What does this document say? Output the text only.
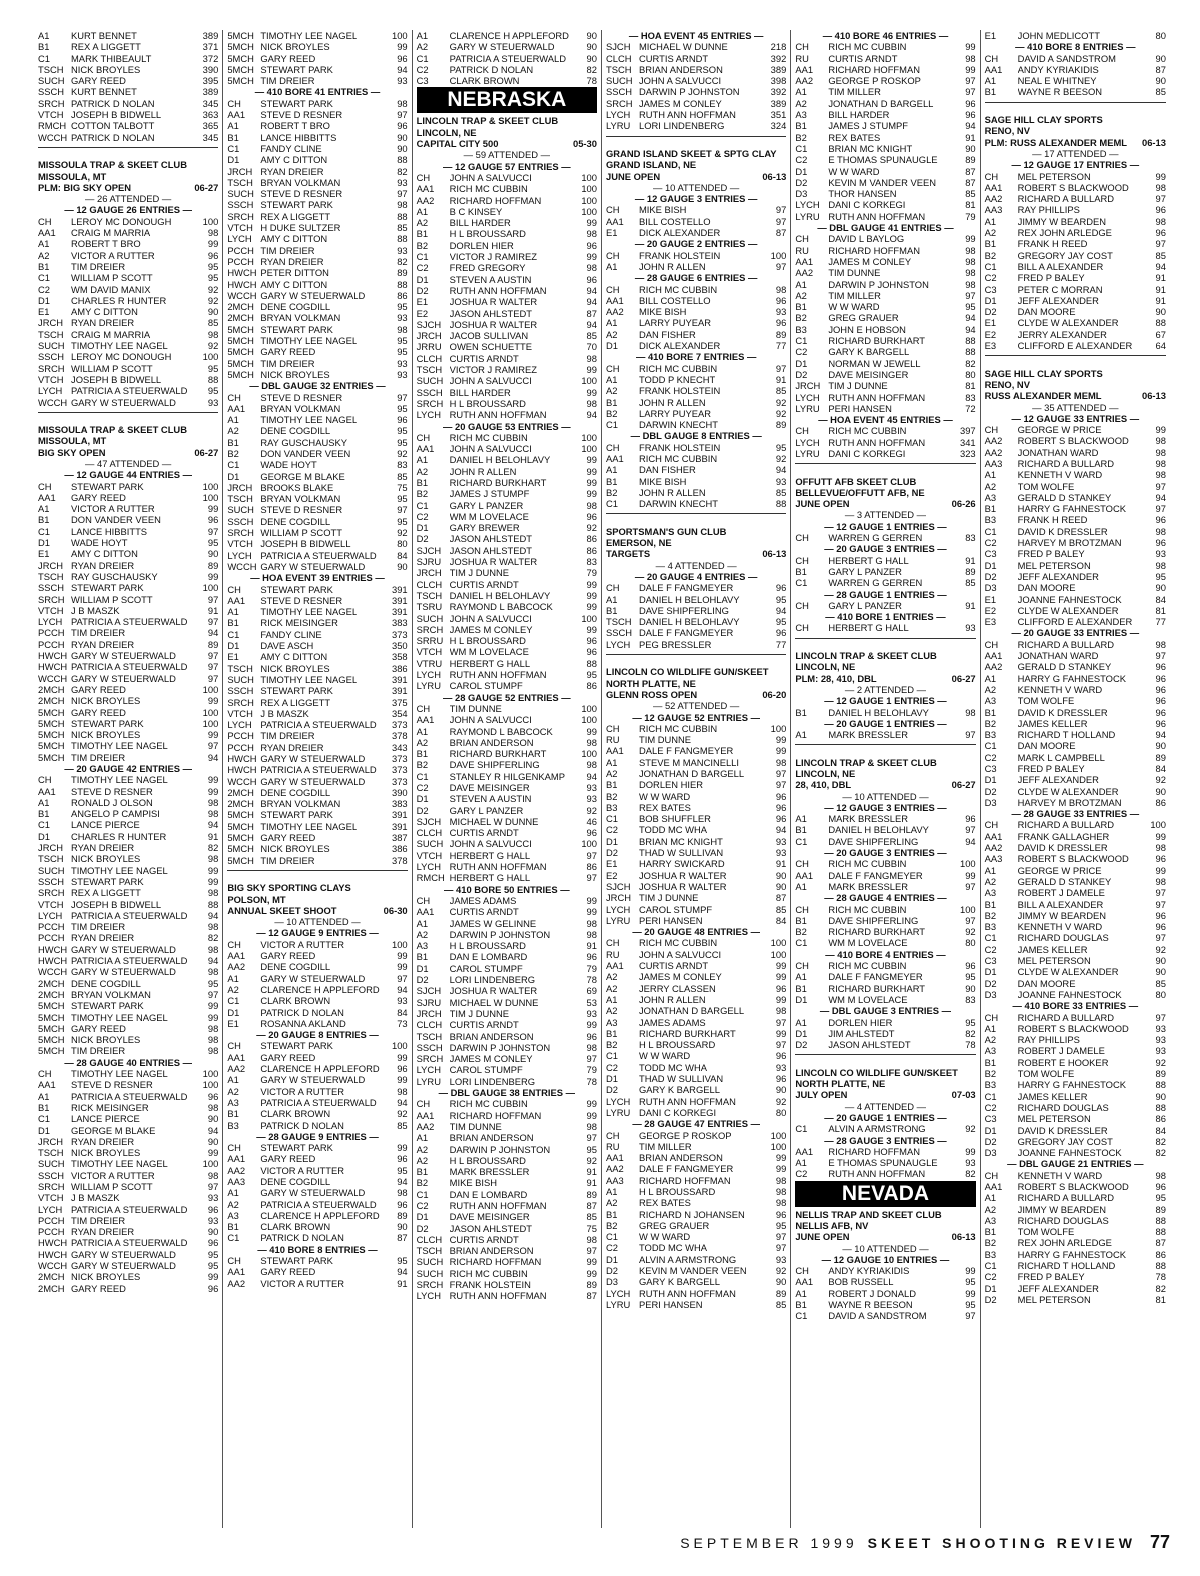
A1	KURT BENNET	389
B1	REX A LIGGETT	371
C1	MARK THIBEAULT	372
TSCH NICK BROYLES	390
SUCH GARY REED	395
SSCH KURT BENNET	389
SRCH PATRICK D NOLAN	345
VTCH JOSEPH B BIDWELL	363
RMCH COTTON TALBOTT	365
WCCH PATRICK D NOLAN	345
MISSOULA TRAP & SKEET CLUB
MISSOULA, MT
PLM: BIG SKY OPEN	06-27
— 26 ATTENDED —
— 12 GAUGE 26 ENTRIES —
CH	LEROY MC DONOUGH	100
AA1	CRAIG M MARRIA	98
A1	ROBERT T BRO	99
A2	VICTOR A RUTTER	96
B1	TIM DREIER	95
C1	WILLIAM P SCOTT	95
C2	WM DAVID MANIX	92
D1	CHARLES R HUNTER	92
E1	AMY C DITTON	90
JRCH RYAN DREIER	85
TSCH CRAIG M MARRIA	98
SUCH TIMOTHY LEE NAGEL	92
SSCH LEROY MC DONOUGH	100
SRCH WILLIAM P SCOTT	95
VTCH JOSEPH B BIDWELL	88
LYCH PATRICIA A STEUERWALD	95
WCCH GARY W STEUERWALD	93
MISSOULA TRAP & SKEET CLUB
MISSOULA, MT
BIG SKY OPEN	06-27
— 47 ATTENDED —
— 12 GAUGE 44 ENTRIES —
CH	STEWART PARK	100
AA1	GARY REED	100
A1	VICTOR A RUTTER	99
B1	DON VANDER VEEN	96
C1	LANCE HIBBITTS	97
D1	WADE HOYT	95
E1	AMY C DITTON	90
JRCH RYAN DREIER	89
TSCH RAY GUSCHAUSKY	99
SSCH STEWART PARK	100
SRCH WILLIAM P SCOTT	97
VTCH J B MASZK	91
LYCH PATRICIA A STEUERWALD	97
PCCH TIM DREIER	94
PCCH RYAN DREIER	89
HWCH GARY W STEUERWALD	97
HWCH PATRICIA A STEUERWALD	97
WCCH GARY W STEUERWALD	97
2MCH GARY REED	100
2MCH NICK BROYLES	99
5MCH GARY REED	100
5MCH STEWART PARK	100
5MCH NICK BROYLES	99
5MCH TIMOTHY LEE NAGEL	97
5MCH TIM DREIER	94
— 20 GAUGE 42 ENTRIES —
CH	TIMOTHY LEE NAGEL	99
AA1	STEVE D RESNER	99
A1	RONALD J OLSON	98
B1	ANGELO P CAMPISI	98
C1	LANCE PIERCE	94
D1	CHARLES R HUNTER	91
JRCH RYAN DREIER	82
TSCH NICK BROYLES	98
SUCH TIMOTHY LEE NAGEL	99
SSCH STEWART PARK	99
SRCH REX A LIGGETT	98
VTCH JOSEPH B BIDWELL	88
LYCH PATRICIA A STEUERWALD	94
PCCH TIM DREIER	98
PCCH RYAN DREIER	82
HWCH GARY W STEUERWALD	98
HWCH PATRICIA A STEUERWALD	94
WCCH GARY W STEUERWALD	98
2MCH DENE COGDILL	95
2MCH BRYAN VOLKMAN	97
5MCH STEWART PARK	99
5MCH TIMOTHY LEE NAGEL	99
5MCH GARY REED	98
5MCH NICK BROYLES	98
5MCH TIM DREIER	98
— 28 GAUGE 40 ENTRIES —
CH	TIMOTHY LEE NAGEL	100
AA1	STEVE D RESNER	100
A1	PATRICIA A STEUERWALD	96
B1	RICK MEISINGER	98
C1	LANCE PIERCE	90
D1	GEORGE M BLAKE	94
JRCH RYAN DREIER	90
TSCH NICK BROYLES	99
SUCH TIMOTHY LEE NAGEL	100
SSCH VICTOR A RUTTER	98
SRCH WILLIAM P SCOTT	97
VTCH J B MASZK	93
LYCH PATRICIA A STEUERWALD	96
PCCH TIM DREIER	93
PCCH RYAN DREIER	90
HWCH PATRICIA A STEUERWALD	96
HWCH GARY W STEUERWALD	95
WCCH GARY W STEUERWALD	95
2MCH NICK BROYLES	99
2MCH GARY REED	96
5MCH TIMOTHY LEE NAGEL	100
5MCH NICK BROYLES	99
5MCH GARY REED	96
5MCH STEWART PARK	94
5MCH TIM DREIER	93
— 410 BORE 41 ENTRIES —
CH	STEWART PARK	98
AA1	STEVE D RESNER	97
A1	ROBERT T BRO	96
B1	LANCE HIBBITTS	90
C1	FANDY CLINE	90
D1	AMY C DITTON	88
JRCH RYAN DREIER	82
TSCH BRYAN VOLKMAN	93
SUCH STEVE D RESNER	97
SSCH STEWART PARK	98
SRCH REX A LIGGETT	88
VTCH H DUKE SULTZER	85
LYCH AMY C DITTON	88
PCCH TIM DREIER	93
PCCH RYAN DREIER	82
HWCH PETER DITTON	89
HWCH AMY C DITTON	88
WCCH GARY W STEUERWALD	86
2MCH DENE COGDILL	95
2MCH BRYAN VOLKMAN	93
5MCH STEWART PARK	98
5MCH TIMOTHY LEE NAGEL	95
5MCH GARY REED	95
5MCH TIM DREIER	93
5MCH NICK BROYLES	93
— DBL GAUGE 32 ENTRIES —
CH	STEVE D RESNER	97
AA1	BRYAN VOLKMAN	95
A1	TIMOTHY LEE NAGEL	96
A2	DENE COGDILL	95
B1	RAY GUSCHAUSKY	95
B2	DON VANDER VEEN	92
C1	WADE HOYT	83
D1	GEORGE M BLAKE	85
JRCH BROOKS BLAKE	75
TSCH BRYAN VOLKMAN	95
SUCH STEVE D RESNER	97
SSCH DENE COGDILL	95
SRCH WILLIAM P SCOTT	92
VTCH JOSEPH B BIDWELL	80
LYCH PATRICIA A STEUERWALD	84
WCCH GARY W STEUERWALD	90
— HOA EVENT 39 ENTRIES —
CH	STEWART PARK	391
AA1	STEVE D RESNER	391
A1	TIMOTHY LEE NAGEL	391
B1	RICK MEISINGER	383
C1	FANDY CLINE	373
D1	DAVE ASCH	350
E1	AMY C DITTON	358
TSCH NICK BROYLES	386
SUCH TIMOTHY LEE NAGEL	391
SSCH STEWART PARK	391
SRCH REX A LIGGETT	375
VTCH J B MASZK	354
LYCH PATRICIA A STEUERWALD	373
PCCH TIM DREIER	378
PCCH RYAN DREIER	343
HWCH GARY W STEUERWALD	373
HWCH PATRICIA A STEUERWALD	373
WCCH GARY W STEUERWALD	373
2MCH DENE COGDILL	390
2MCH BRYAN VOLKMAN	383
5MCH STEWART PARK	391
5MCH TIMOTHY LEE NAGEL	391
5MCH GARY REED	387
5MCH NICK BROYLES	386
5MCH TIM DREIER	378
BIG SKY SPORTING CLAYS
POLSON, MT
ANNUAL SKEET SHOOT	06-30
— 10 ATTENDED —
— 12 GAUGE 9 ENTRIES —
CH	VICTOR A RUTTER	100
AA1	GARY REED	99
AA2	DENE COGDILL	99
A1	GARY W STEUERWALD	97
A2	CLARENCE H APPLEFORD	94
C1	CLARK BROWN	93
D1	PATRICK D NOLAN	84
E1	ROSANNA AKLAND	73
— 20 GAUGE 8 ENTRIES —
CH	STEWART PARK	100
AA1	GARY REED	99
AA2	CLARENCE H APPLEFORD	96
A1	GARY W STEUERWALD	99
A2	VICTOR A RUTTER	98
A3	PATRICIA A STEUERWALD	94
B1	CLARK BROWN	92
B3	PATRICK D NOLAN	85
— 28 GAUGE 9 ENTRIES —
CH	STEWART PARK	99
AA1	GARY REED	96
AA2	VICTOR A RUTTER	95
AA3	DENE COGDILL	94
A1	GARY W STEUERWALD	98
A2	PATRICIA A STEUERWALD	96
A3	CLARENCE H APPLEFORD	89
B1	CLARK BROWN	90
C1	PATRICK D NOLAN	87
— 410 BORE 8 ENTRIES —
CH	STEWART PARK	95
AA1	GARY REED	94
AA2	VICTOR A RUTTER	91
A1	CLARENCE H APPLEFORD	90
A2	GARY W STEUERWALD	90
C1	PATRICIA A STEUERWALD	90
C2	PATRICK D NOLAN	82
C3	CLARK BROWN	78
NEBRASKA
LINCOLN TRAP & SKEET CLUB
LINCOLN, NE
CAPITAL CITY 500	05-30
— 59 ATTENDED —
— 12 GAUGE 57 ENTRIES —
CH	JOHN A SALVUCCI	100
AA1	RICH MC CUBBIN	100
AA2	RICHARD HOFFMAN	100
A1	B C KINSEY	100
A2	BILL HARDER	99
B1	H L BROUSSARD	98
B2	DORLEN HIER	96
C1	VICTOR J RAMIREZ	99
C2	FRED GREGORY	98
D1	STEVEN A AUSTIN	96
D2	RUTH ANN HOFFMAN	94
E1	JOSHUA R WALTER	94
E2	JASON AHLSTEDT	87
SJCH JOSHUA R WALTER	94
JRCH JACOB SULLIVAN	85
JRRU OWEN SCHUETTE	70
CLCH CURTIS ARNDT	98
TSCH VICTOR J RAMIREZ	99
SUCH JOHN A SALVUCCI	100
SSCH BILL HARDER	99
SRCH H L BROUSSARD	98
LYCH RUTH ANN HOFFMAN	94
— 20 GAUGE 53 ENTRIES —
CH	RICH MC CUBBIN	100
AA1	JOHN A SALVUCCI	100
A1	DANIEL H BELOHLAVY	99
A2	JOHN R ALLEN	99
B1	RICHARD BURKHART	99
B2	JAMES J STUMPF	99
C1	GARY L PANZER	98
C2	WM M LOVELACE	96
D1	GARY BREWER	92
D2	JASON AHLSTEDT	86
SJCH JASON AHLSTEDT	86
SJRU JOSHUA R WALTER	83
JRCH TIM J DUNNE	79
CLCH CURTIS ARNDT	99
TSCH DANIEL H BELOHLAVY	99
TSRU RAYMOND L BABCOCK	99
SUCH JOHN A SALVUCCI	100
SRCH JAMES M CONLEY	99
SRRU H L BROUSSARD	96
VTCH WM M LOVELACE	96
VTRU HERBERT G HALL	88
LYCH RUTH ANN HOFFMAN	95
LYRU CAROL STUMPF	86
— 28 GAUGE 52 ENTRIES —
CH	TIM DUNNE	100
AA1	JOHN A SALVUCCI	100
A1	RAYMOND L BABCOCK	99
A2	BRIAN ANDERSON	98
B1	RICHARD BURKHART	100
B2	DAVE SHIPFERLING	98
C1	STANLEY R HILGENKAMP	94
C2	DAVE MEISINGER	93
D1	STEVEN A AUSTIN	93
D2	GARY L PANZER	92
SJCH MICHAEL W DUNNE	46
CLCH CURTIS ARNDT	96
SUCH JOHN A SALVUCCI	100
VTCH HERBERT G HALL	97
LYCH RUTH ANN HOFFMAN	86
RMCH HERBERT G HALL	97
— 410 BORE 50 ENTRIES —
CH	JAMES ADAMS	99
AA1	CURTIS ARNDT	99
A1	JAMES W GELINNE	98
A2	DARWIN P JOHNSTON	98
A3	H L BROUSSARD	91
B1	DAN E LOMBARD	96
D1	CAROL STUMPF	79
D2	LORI LINDENBERG	78
SJCH JOSHUA R WALTER	69
SJRU MICHAEL W DUNNE	53
JRCH TIM J DUNNE	93
CLCH CURTIS ARNDT	99
TSCH BRIAN ANDERSON	96
SSCH DARWIN P JOHNSTON	98
SRCH JAMES M CONLEY	97
LYCH CAROL STUMPF	79
LYRU LORI LINDENBERG	78
— DBL GAUGE 38 ENTRIES —
CH	RICH MC CUBBIN	99
AA1	RICHARD HOFFMAN	99
AA2	TIM DUNNE	98
A1	BRIAN ANDERSON	97
A2	DARWIN P JOHNSTON	95
A2	H L BROUSSARD	92
B1	MARK BRESSLER	91
B2	MIKE BISH	91
C1	DAN E LOMBARD	89
C2	RUTH ANN HOFFMAN	87
D1	DAVE MEISINGER	85
D2	JASON AHLSTEDT	75
CLCH CURTIS ARNDT	98
TSCH BRIAN ANDERSON	97
SUCH RICHARD HOFFMAN	99
SUCH RICH MC CUBBIN	99
SRCH FRANK HOLSTEIN	89
LYCH RUTH ANN HOFFMAN	87
— HOA EVENT 45 ENTRIES —
SJCH MICHAEL W DUNNE	218
CLCH CURTIS ARNDT	392
TSCH BRIAN ANDERSON	389
SUCH JOHN A SALVUCCI	398
SSCH DARWIN P JOHNSTON	392
SRCH JAMES M CONLEY	389
LYCH RUTH ANN HOFFMAN	351
LYRU LORI LINDENBERG	324
GRAND ISLAND SKEET & SPTG CLAY
GRAND ISLAND, NE
JUNE OPEN	06-13
— 10 ATTENDED —
— 12 GAUGE 3 ENTRIES —
CH	MIKE BISH	97
AA1	BILL COSTELLO	97
E1	DICK ALEXANDER	87
— 20 GAUGE 2 ENTRIES —
CH	FRANK HOLSTEIN	100
A1	JOHN R ALLEN	97
— 28 GAUGE 6 ENTRIES —
CH	RICH MC CUBBIN	98
AA1	BILL COSTELLO	96
AA2	MIKE BISH	93
A1	LARRY PUYEAR	96
A2	DAN FISHER	89
D1	DICK ALEXANDER	77
— 410 BORE 7 ENTRIES —
CH	RICH MC CUBBIN	97
A1	TODD P KNECHT	91
A2	FRANK HOLSTEIN	85
B1	JOHN R ALLEN	92
B2	LARRY PUYEAR	92
C1	DARWIN KNECHT	89
— DBL GAUGE 8 ENTRIES —
CH	FRANK HOLSTEIN	95
AA1	RICH MC CUBBIN	92
A1	DAN FISHER	94
B1	MIKE BISH	93
B2	JOHN R ALLEN	85
C1	DARWIN KNECHT	88
SPORTSMAN'S GUN CLUB
EMERSON, NE
TARGETS	06-13
— 4 ATTENDED —
— 20 GAUGE 4 ENTRIES —
CH	DALE F FANGMEYER	96
A1	DANIEL H BELOHLAVY	95
B1	DAVE SHIPFERLING	94
TSCH DANIEL H BELOHLAVY	95
SSCH DALE F FANGMEYER	96
LYCH PEG BRESSLER	77
LINCOLN CO WILDLIFE GUN/SKEET
NORTH PLATTE, NE
GLENN ROSS OPEN	06-20
— 52 ATTENDED —
— 12 GAUGE 52 ENTRIES —
CH	RICH MC CUBBIN	100
RU	TIM DUNNE	99
AA1	DALE F FANGMEYER	99
A1	STEVE M MANCINELLI	98
A2	JONATHAN D BARGELL	97
B1	DORLEN HIER	97
B2	W W WARD	96
B3	REX BATES	96
C1	BOB SHUFFLER	96
C2	TODD MC WHA	94
D1	BRIAN MC KNIGHT	93
D2	THAD W SULLIVAN	93
E1	HARRY SWICKARD	91
E2	JOSHUA R WALTER	90
SJCH JOSHUA R WALTER	90
JRCH TIM J DUNNE	87
LYCH CAROL STUMPF	85
LYRU PERI HANSEN	84
— 20 GAUGE 48 ENTRIES —
CH	RICH MC CUBBIN	100
RU	JOHN A SALVUCCI	100
AA1	CURTIS ARNDT	99
A2	JAMES M CONLEY	99
A2	JERRY CLASSEN	96
A1	JOHN R ALLEN	99
A2	JONATHAN D BARGELL	98
A3	JAMES ADAMS	97
B1	RICHARD BURKHART	99
B2	H L BROUSSARD	97
C1	W W WARD	96
C2	TODD MC WHA	93
D1	THAD W SULLIVAN	96
D2	GARY K BARGELL	90
LYCH RUTH ANN HOFFMAN	92
LYRU DANI C KORKEGI	80
— 28 GAUGE 47 ENTRIES —
CH	GEORGE P ROSKOP	100
RU	TIM MILLER	100
AA1	BRIAN ANDERSON	99
AA2	DALE F FANGMEYER	99
AA3	RICHARD HOFFMAN	98
A1	H L BROUSSARD	98
A2	REX BATES	98
B1	RICHARD N JOHANSEN	96
B2	GREG GRAUER	95
C1	W W WARD	97
C2	TODD MC WHA	97
D1	ALVIN A ARMSTRONG	93
D2	KEVIN M VANDER VEEN	92
D3	GARY K BARGELL	90
LYCH RUTH ANN HOFFMAN	89
LYRU PERI HANSEN	85
— 410 BORE 46 ENTRIES —
CH	RICH MC CUBBIN	99
RU	CURTIS ARNDT	98
AA1	RICHARD HOFFMAN	99
AA2	GEORGE P ROSKOP	97
A1	TIM MILLER	97
A2	JONATHAN D BARGELL	96
A3	BILL HARDER	96
B1	JAMES J STUMPF	94
B2	REX BATES	91
C1	BRIAN MC KNIGHT	90
C2	E THOMAS SPUNAUGLE	89
D1	W W WARD	87
D2	KEVIN M VANDER VEEN	87
D3	THOR HANSEN	85
LYCH DANI C KORKEGI	81
LYRU RUTH ANN HOFFMAN	79
— DBL GAUGE 41 ENTRIES —
CH	DAVID L BAYLOG	99
RU	RICHARD HOFFMAN	98
AA1	JAMES M CONLEY	98
AA2	TIM DUNNE	98
A1	DARWIN P JOHNSTON	98
A2	TIM MILLER	97
B1	W W WARD	95
B2	GREG GRAUER	94
B3	JOHN E HOBSON	94
C1	RICHARD BURKHART	88
C2	GARY K BARGELL	88
D1	NORMAN W JEWELL	82
D2	DAVE MEISINGER	80
JRCH TIM J DUNNE	81
LYCH RUTH ANN HOFFMAN	83
LYRU PERI HANSEN	72
— HOA EVENT 45 ENTRIES —
CH	RICH MC CUBBIN	397
LYCH RUTH ANN HOFFMAN	341
LYRU DANI C KORKEGI	323
OFFUTT AFB SKEET CLUB
BELLEVUE/OFFUTT AFB, NE
JUNE OPEN	06-26
— 3 ATTENDED —
— 12 GAUGE 1 ENTRIES —
CH	WARREN G GERREN	83
— 20 GAUGE 3 ENTRIES —
CH	HERBERT G HALL	91
B1	GARY L PANZER	89
C1	WARREN G GERREN	85
— 28 GAUGE 1 ENTRIES —
CH	GARY L PANZER	91
— 410 BORE 1 ENTRIES —
CH	HERBERT G HALL	93
LINCOLN TRAP & SKEET CLUB
LINCOLN, NE
PLM: 28, 410, DBL	06-27
— 2 ATTENDED —
— 12 GAUGE 1 ENTRIES —
B1	DANIEL H BELOHLAVY	98
— 20 GAUGE 1 ENTRIES —
A1	MARK BRESSLER	97
LINCOLN TRAP & SKEET CLUB
LINCOLN, NE
28, 410, DBL	06-27
— 10 ATTENDED —
— 12 GAUGE 3 ENTRIES —
A1	MARK BRESSLER	96
B1	DANIEL H BELOHLAVY	97
C1	DAVE SHIPFERLING	94
— 20 GAUGE 3 ENTRIES —
CH	RICH MC CUBBIN	100
AA1	DALE F FANGMEYER	99
A1	MARK BRESSLER	97
— 28 GAUGE 4 ENTRIES —
CH	RICH MC CUBBIN	100
B1	DAVE SHIPFERLING	97
B2	RICHARD BURKHART	92
C1	WM M LOVELACE	80
— 410 BORE 4 ENTRIES —
CH	RICH MC CUBBIN	96
A1	DALE F FANGMEYER	95
B1	RICHARD BURKHART	90
D1	WM M LOVELACE	83
— DBL GAUGE 3 ENTRIES —
A1	DORLEN HIER	95
D1	JIM AHLSTEDT	82
D2	JASON AHLSTEDT	78
LINCOLN CO WILDLIFE GUN/SKEET
NORTH PLATTE, NE
JULY OPEN	07-03
— 4 ATTENDED —
— 20 GAUGE 1 ENTRIES —
C1	ALVIN A ARMSTRONG	92
— 28 GAUGE 3 ENTRIES —
AA1	RICHARD HOFFMAN	99
A1	E THOMAS SPUNAUGLE	93
C2	RUTH ANN HOFFMAN	82
NEVADA
NELLIS TRAP AND SKEET CLUB
NELLIS AFB, NV
JUNE OPEN	06-13
— 10 ATTENDED —
— 12 GAUGE 10 ENTRIES —
CH	ANDY KYRIAKIDIS	99
AA1	BOB RUSSELL	95
A1	ROBERT J DONALD	99
B1	WAYNE R BEESON	95
C1	DAVID A SANDSTROM	97
E1	JOHN MEDLICOTT	80
— 410 BORE 8 ENTRIES —
CH	DAVID A SANDSTROM	90
AA1	ANDY KYRIAKIDIS	87
A1	NEAL E WHITNEY	90
B1	WAYNE R BEESON	85
SAGE HILL CLAY SPORTS
RENO, NV
PLM: RUSS ALEXANDER MEML 06-13
— 17 ATTENDED —
— 12 GAUGE 17 ENTRIES —
CH	MEL PETERSON	99
AA1	ROBERT S BLACKWOOD	98
AA2	RICHARD A BULLARD	97
AA3	RAY PHILLIPS	96
A1	JIMMY W BEARDEN	98
A2	REX JOHN ARLEDGE	96
B1	FRANK H REED	97
B2	GREGORY JAY COST	85
C1	BILL A ALEXANDER	94
C2	FRED P BALEY	91
C3	PETER C MORRAN	91
D1	JEFF ALEXANDER	91
D2	DAN MOORE	90
E1	CLYDE W ALEXANDER	88
E2	JERRY ALEXANDER	67
E3	CLIFFORD E ALEXANDER	64
SAGE HILL CLAY SPORTS
RENO, NV
RUSS ALEXANDER MEML	06-13
— 35 ATTENDED —
— 12 GAUGE 33 ENTRIES —
CH	GEORGE W PRICE	99
AA2	ROBERT S BLACKWOOD	98
AA2	JONATHAN WARD	98
AA3	RICHARD A BULLARD	98
A1	KENNETH V WARD	98
A2	TOM WOLFE	97
A3	GERALD D STANKEY	94
B1	HARRY G FAHNESTOCK	97
B3	FRANK H REED	96
C1	DAVID K DRESSLER	98
C2	HARVEY M BROTZMAN	96
C3	FRED P BALEY	93
D1	MEL PETERSON	98
D2	JEFF ALEXANDER	95
D3	DAN MOORE	90
E1	JOANNE FAHNESTOCK	84
E2	CLYDE W ALEXANDER	81
E3	CLIFFORD E ALEXANDER	77
— 20 GAUGE 33 ENTRIES —
CH	RICHARD A BULLARD	98
AA1	JONATHAN WARD	97
AA2	GERALD D STANKEY	96
A1	HARRY G FAHNESTOCK	96
A2	KENNETH V WARD	96
A3	TOM WOLFE	96
B1	DAVID K DRESSLER	96
B2	JAMES KELLER	96
B3	RICHARD T HOLLAND	94
C1	DAN MOORE	90
C2	MARK L CAMPBELL	89
C3	FRED P BALEY	84
D1	JEFF ALEXANDER	92
D2	CLYDE W ALEXANDER	90
D3	HARVEY M BROTZMAN	86
— 28 GAUGE 33 ENTRIES —
CH	RICHARD A BULLARD	100
AA1	FRANK GALLAGHER	99
AA2	DAVID K DRESSLER	98
AA3	ROBERT S BLACKWOOD	96
A1	GEORGE W PRICE	99
A2	GERALD D STANKEY	98
A3	ROBERT J DAMELE	97
B1	BILL A ALEXANDER	97
B2	JIMMY W BEARDEN	96
B3	KENNETH V WARD	96
C1	RICHARD DOUGLAS	97
C2	JAMES KELLER	92
C3	MEL PETERSON	90
D1	CLYDE W ALEXANDER	90
D2	DAN MOORE	85
D3	JOANNE FAHNESTOCK	80
— 410 BORE 33 ENTRIES —
CH	RICHARD A BULLARD	97
A1	ROBERT S BLACKWOOD	93
A2	RAY PHILLIPS	93
A3	ROBERT J DAMELE	93
B1	ROBERT E HOOKER	92
B2	TOM WOLFE	89
B3	HARRY G FAHNESTOCK	88
C1	JAMES KELLER	90
C2	RICHARD DOUGLAS	88
C3	MEL PETERSON	86
D1	DAVID K DRESSLER	84
D2	GREGORY JAY COST	82
D3	JOANNE FAHNESTOCK	82
— DBL GAUGE 21 ENTRIES —
CH	KENNETH V WARD	98
AA1	ROBERT S BLACKWOOD	96
A1	RICHARD A BULLARD	95
A2	JIMMY W BEARDEN	89
A3	RICHARD DOUGLAS	88
B1	TOM WOLFE	88
B2	REX JOHN ARLEDGE	87
B3	HARRY G FAHNESTOCK	86
C1	RICHARD T HOLLAND	88
C2	FRED P BALEY	78
D1	JEFF ALEXANDER	82
D2	MEL PETERSON	81
SEPTEMBER 1999 SKEET SHOOTING REVIEW 77
